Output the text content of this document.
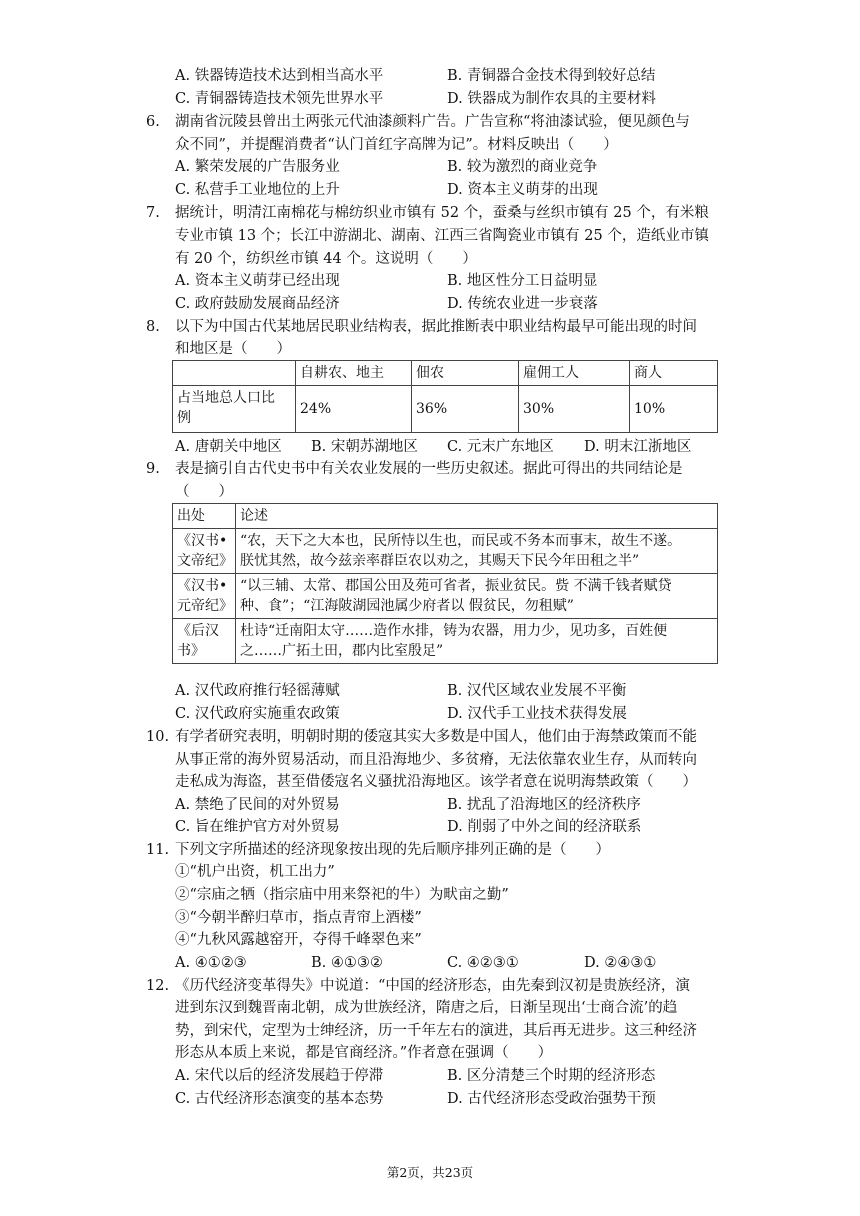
A. 铁器铸造技术达到相当高水平	B. 青铜器合金技术得到较好总结
C. 青铜器铸造技术领先世界水平	D. 铁器成为制作农具的主要材料
6. 湖南省沅陵县曾出土两张元代油漆颜料广告。广告宣称“将油漆试验，便见颜色与
众不同”，并提醒消费者“认门首红字高牌为记”。材料反映出（　　）
A. 繁荣发展的广告服务业	B. 较为激烈的商业竞争
C. 私营手工业地位的上升	D. 资本主义萌芽的出现
7. 据统计，明清江南棉花与棉纺织业市镇有 52 个，蚕桑与丝织市镇有 25 个，有米粮
专业市镇 13 个；长江中游湖北、湖南、江西三省陶瓷业市镇有 25 个，造纸业市镇
有 20 个，纺织丝市镇 44 个。这说明（　　）
A. 资本主义萌芽已经出现	B. 地区性分工日益明显
C. 政府鼓励发展商品经济	D. 传统农业进一步衰落
8. 以下为中国古代某地居民职业结构表，据此推断表中职业结构最早可能出现的时间
和地区是（　　）
	自耕农、地主	佃农	雇佣工人	商人
占当地总人口比
例	24%	36%	30%	10%
A. 唐朝关中地区 B. 宋朝苏湖地区 C. 元末广东地区 D. 明末江浙地区
9. 表是摘引自古代史书中有关农业发展的一些历史叙述。据此可得出的共同结论是
（　　）
出处	论述
《汉书•
文帝纪》	“农，天下之大本也，民所恃以生也，而民或不务本而事末，故生不遂。
朕忧其然，故今兹亲率群臣农以劝之，其赐天下民今年田租之半”
《汉书•
元帝纪》	“以三辅、太常、郡国公田及苑可省者，振业贫民。赀 不满千钱者赋贷
种、食”；“江海陂湖园池属少府者以 假贫民，勿租赋”
《后汉
书》	杜诗“迁南阳太守……造作水排，铸为农器，用力少，见功多，百姓便
之……广拓土田，郡内比室殷足”
A. 汉代政府推行轻徭薄赋	B. 汉代区域农业发展不平衡
C. 汉代政府实施重农政策	D. 汉代手工业技术获得发展
10. 有学者研究表明，明朝时期的倭寇其实大多数是中国人，他们由于海禁政策而不能
从事正常的海外贸易活动，而且沿海地少、多贫瘠，无法依靠农业生存，从而转向
走私成为海盗，甚至借倭寇名义骚扰沿海地区。该学者意在说明海禁政策（　　）
A. 禁绝了民间的对外贸易	B. 扰乱了沿海地区的经济秩序
C. 旨在维护官方对外贸易	D. 削弱了中外之间的经济联系
11. 下列文字所描述的经济现象按出现的先后顺序排列正确的是（　　）
①“机户出资，机工出力”
②“宗庙之牺（指宗庙中用来祭祀的牛）为畎亩之勤”
③“今朝半醉归草市，指点青帘上酒楼”
④“九秋风露越窑开，夺得千峰翠色来”
A. ④①②③	B. ④①③②	C. ④②③①	D. ②④③①
12. 《历代经济变革得失》中说道：“中国的经济形态，由先秦到汉初是贵族经济，演
进到东汉到魏晋南北朝，成为世族经济，隋唐之后，日渐呈现出‘士商合流’的趋
势，到宋代，定型为士绅经济，历一千年左右的演进，其后再无进步。这三种经济
形态从本质上来说，都是官商经济。”作者意在强调（　　）
A. 宋代以后的经济发展趋于停滞	B. 区分清楚三个时期的经济形态
C. 古代经济形态演变的基本态势	D. 古代经济形态受政治强势干预
第2页，共23页
